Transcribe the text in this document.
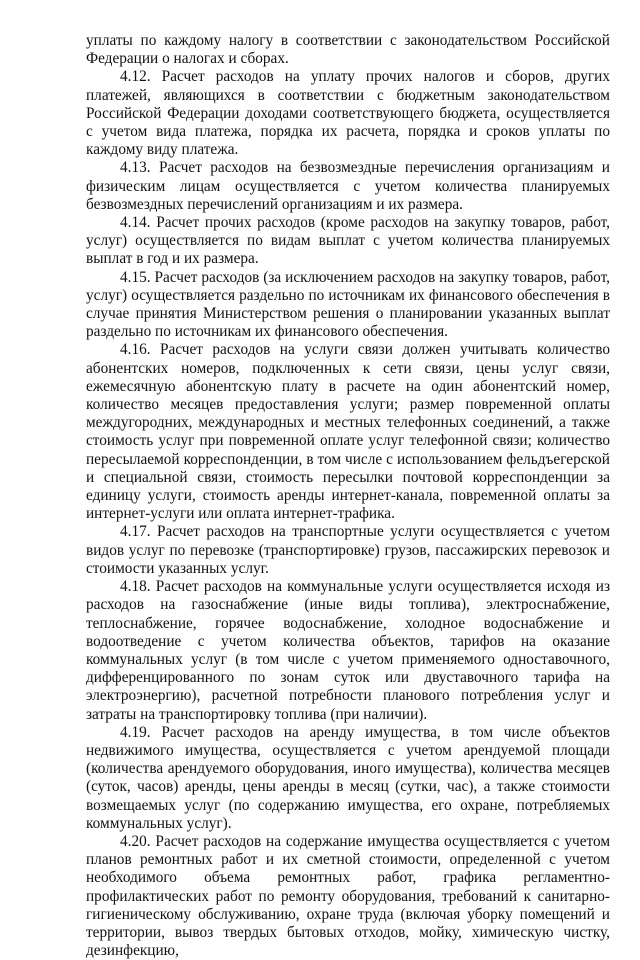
уплаты по каждому налогу в соответствии с законодательством Российской Федерации о налогах и сборах.

4.12. Расчет расходов на уплату прочих налогов и сборов, других платежей, являющихся в соответствии с бюджетным законодательством Российской Федерации доходами соответствующего бюджета, осуществляется с учетом вида платежа, порядка их расчета, порядка и сроков уплаты по каждому виду платежа.

4.13. Расчет расходов на безвозмездные перечисления организациям и физическим лицам осуществляется с учетом количества планируемых безвозмездных перечислений организациям и их размера.

4.14. Расчет прочих расходов (кроме расходов на закупку товаров, работ, услуг) осуществляется по видам выплат с учетом количества планируемых выплат в год и их размера.

4.15. Расчет расходов (за исключением расходов на закупку товаров, работ, услуг) осуществляется раздельно по источникам их финансового обеспечения в случае принятия Министерством решения о планировании указанных выплат раздельно по источникам их финансового обеспечения.

4.16. Расчет расходов на услуги связи должен учитывать количество абонентских номеров, подключенных к сети связи, цены услуг связи, ежемесячную абонентскую плату в расчете на один абонентский номер, количество месяцев предоставления услуги; размер повременной оплаты междугородних, международных и местных телефонных соединений, а также стоимость услуг при повременной оплате услуг телефонной связи; количество пересылаемой корреспонденции, в том числе с использованием фельдъегерской и специальной связи, стоимость пересылки почтовой корреспонденции за единицу услуги, стоимость аренды интернет-канала, повременной оплаты за интернет-услуги или оплата интернет-трафика.

4.17. Расчет расходов на транспортные услуги осуществляется с учетом видов услуг по перевозке (транспортировке) грузов, пассажирских перевозок и стоимости указанных услуг.

4.18. Расчет расходов на коммунальные услуги осуществляется исходя из расходов на газоснабжение (иные виды топлива), электроснабжение, теплоснабжение, горячее водоснабжение, холодное водоснабжение и водоотведение с учетом количества объектов, тарифов на оказание коммунальных услуг (в том числе с учетом применяемого одноставочного, дифференцированного по зонам суток или двуставочного тарифа на электроэнергию), расчетной потребности планового потребления услуг и затраты на транспортировку топлива (при наличии).

4.19. Расчет расходов на аренду имущества, в том числе объектов недвижимого имущества, осуществляется с учетом арендуемой площади (количества арендуемого оборудования, иного имущества), количества месяцев (суток, часов) аренды, цены аренды в месяц (сутки, час), а также стоимости возмещаемых услуг (по содержанию имущества, его охране, потребляемых коммунальных услуг).

4.20. Расчет расходов на содержание имущества осуществляется с учетом планов ремонтных работ и их сметной стоимости, определенной с учетом необходимого объема ремонтных работ, графика регламентно-профилактических работ по ремонту оборудования, требований к санитарно-гигиеническому обслуживанию, охране труда (включая уборку помещений и территории, вывоз твердых бытовых отходов, мойку, химическую чистку, дезинфекцию,
